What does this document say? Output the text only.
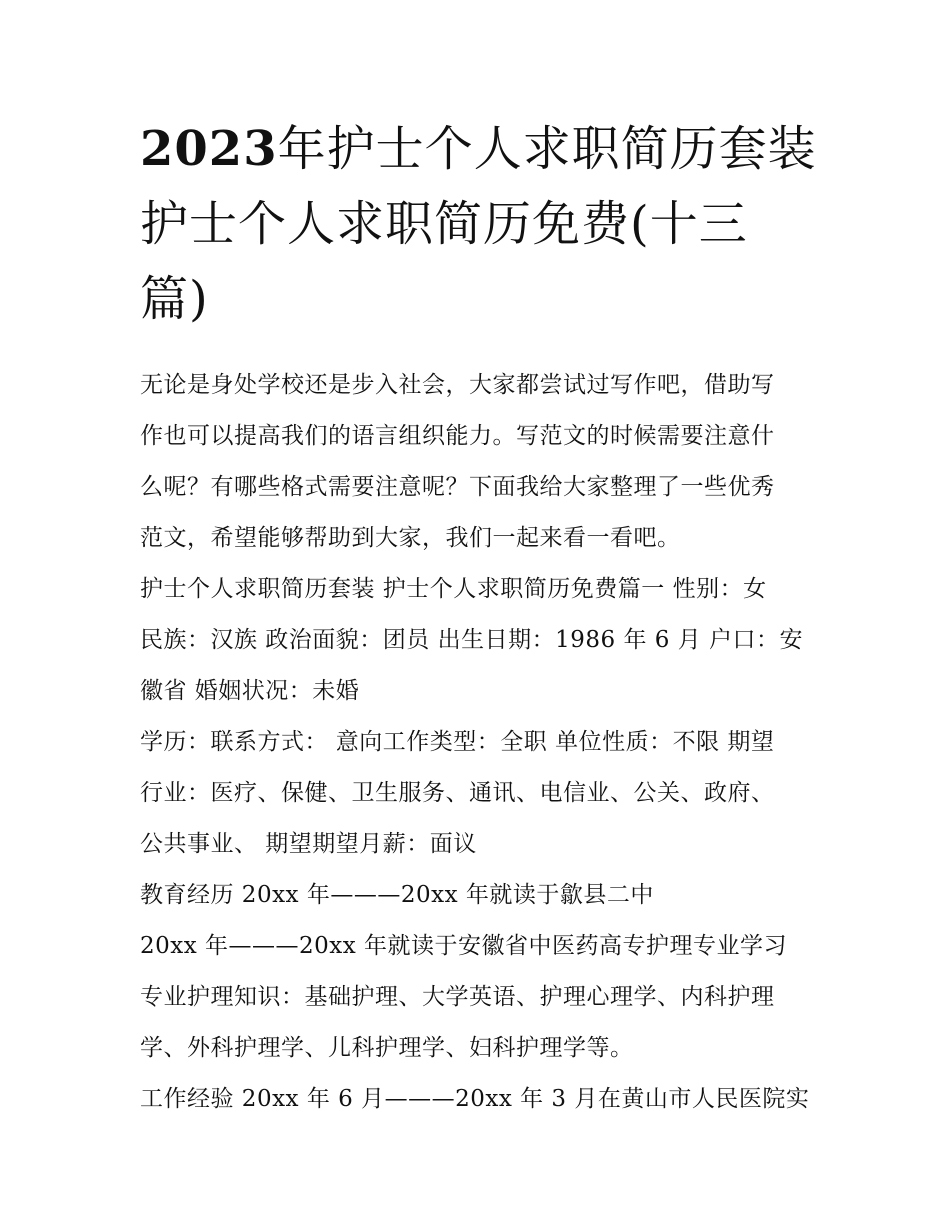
2023年护士个人求职简历套装
护士个人求职简历免费(十三
篇)

无论是身处学校还是步入社会，大家都尝试过写作吧，借助写
作也可以提高我们的语言组织能力。写范文的时候需要注意什
么呢？有哪些格式需要注意呢？下面我给大家整理了一些优秀
范文，希望能够帮助到大家，我们一起来看一看吧。

护士个人求职简历套装 护士个人求职简历免费篇一 性别：女
民族：汉族 政治面貌：团员 出生日期：1986 年 6 月 户口：安
徽省 婚姻状况：未婚

学历：联系方式： 意向工作类型：全职 单位性质：不限 期望
行业：医疗、保健、卫生服务、通讯、电信业、公关、政府、
公共事业、 期望期望月薪：面议

教育经历 20xx 年———20xx 年就读于歙县二中

20xx 年———20xx 年就读于安徽省中医药高专护理专业学习

专业护理知识：基础护理、大学英语、护理心理学、内科护理
学、外科护理学、儿科护理学、妇科护理学等。

工作经验 20xx 年 6 月———20xx 年 3 月在黄山市人民医院实
